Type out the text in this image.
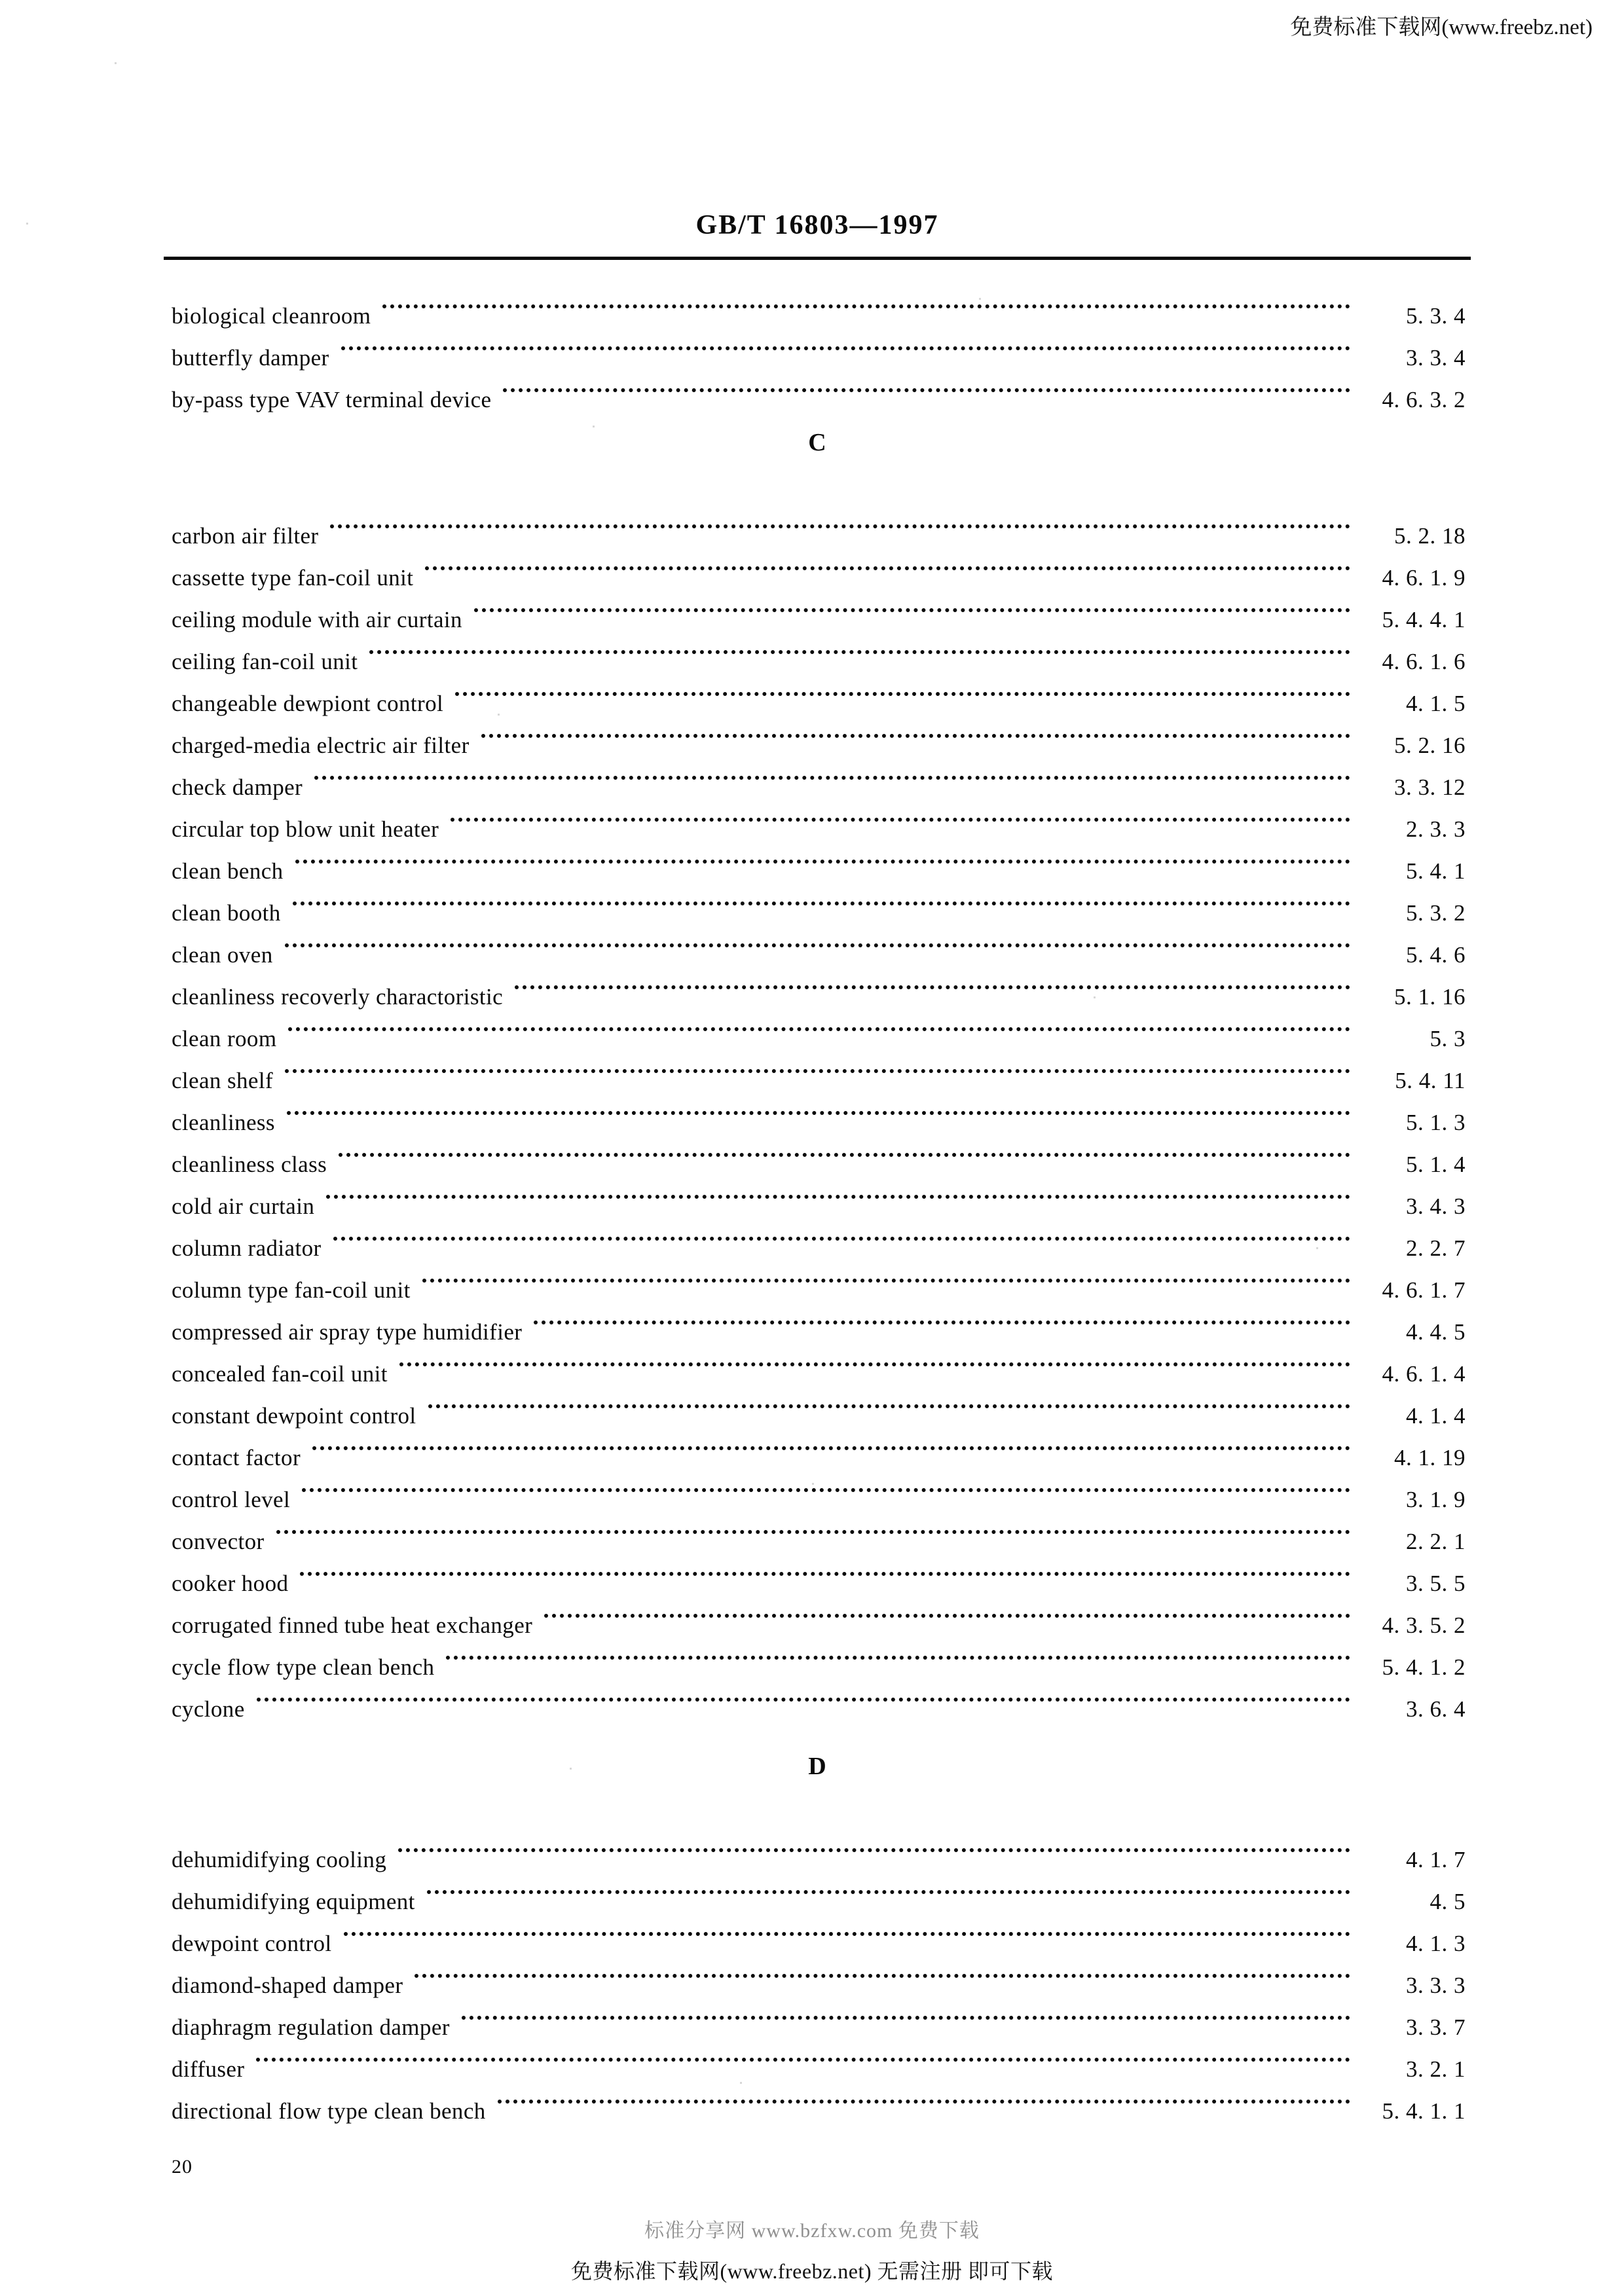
免费标准下载网(www.freebz.net)
GB/T 16803—1997
biological cleanroom	5. 3. 4
butterfly damper	3. 3. 4
by-pass type VAV terminal device	4. 6. 3. 2
C
carbon air filter	5. 2. 18
cassette type fan-coil unit	4. 6. 1. 9
ceiling module with air curtain	5. 4. 4. 1
ceiling fan-coil unit	4. 6. 1. 6
changeable dewpiont control	4. 1. 5
charged-media electric air filter	5. 2. 16
check damper	3. 3. 12
circular top blow unit heater	2. 3. 3
clean bench	5. 4. 1
clean booth	5. 3. 2
clean oven	5. 4. 6
cleanliness recoverly charactoristic	5. 1. 16
clean room	5. 3
clean shelf	5. 4. 11
cleanliness	5. 1. 3
cleanliness class	5. 1. 4
cold air curtain	3. 4. 3
column radiator	2. 2. 7
column type fan-coil unit	4. 6. 1. 7
compressed air spray type humidifier	4. 4. 5
concealed fan-coil unit	4. 6. 1. 4
constant dewpoint control	4. 1. 4
contact factor	4. 1. 19
control level	3. 1. 9
convector	2. 2. 1
cooker hood	3. 5. 5
corrugated finned tube heat exchanger	4. 3. 5. 2
cycle flow type clean bench	5. 4. 1. 2
cyclone	3. 6. 4
D
dehumidifying cooling	4. 1. 7
dehumidifying equipment	4. 5
dewpoint control	4. 1. 3
diamond-shaped damper	3. 3. 3
diaphragm regulation damper	3. 3. 7
diffuser	3. 2. 1
directional flow type clean bench	5. 4. 1. 1
20
标准分享网 www.bzfxw.com 免费下载
免费标准下载网(www.freebz.net) 无需注册 即可下载
